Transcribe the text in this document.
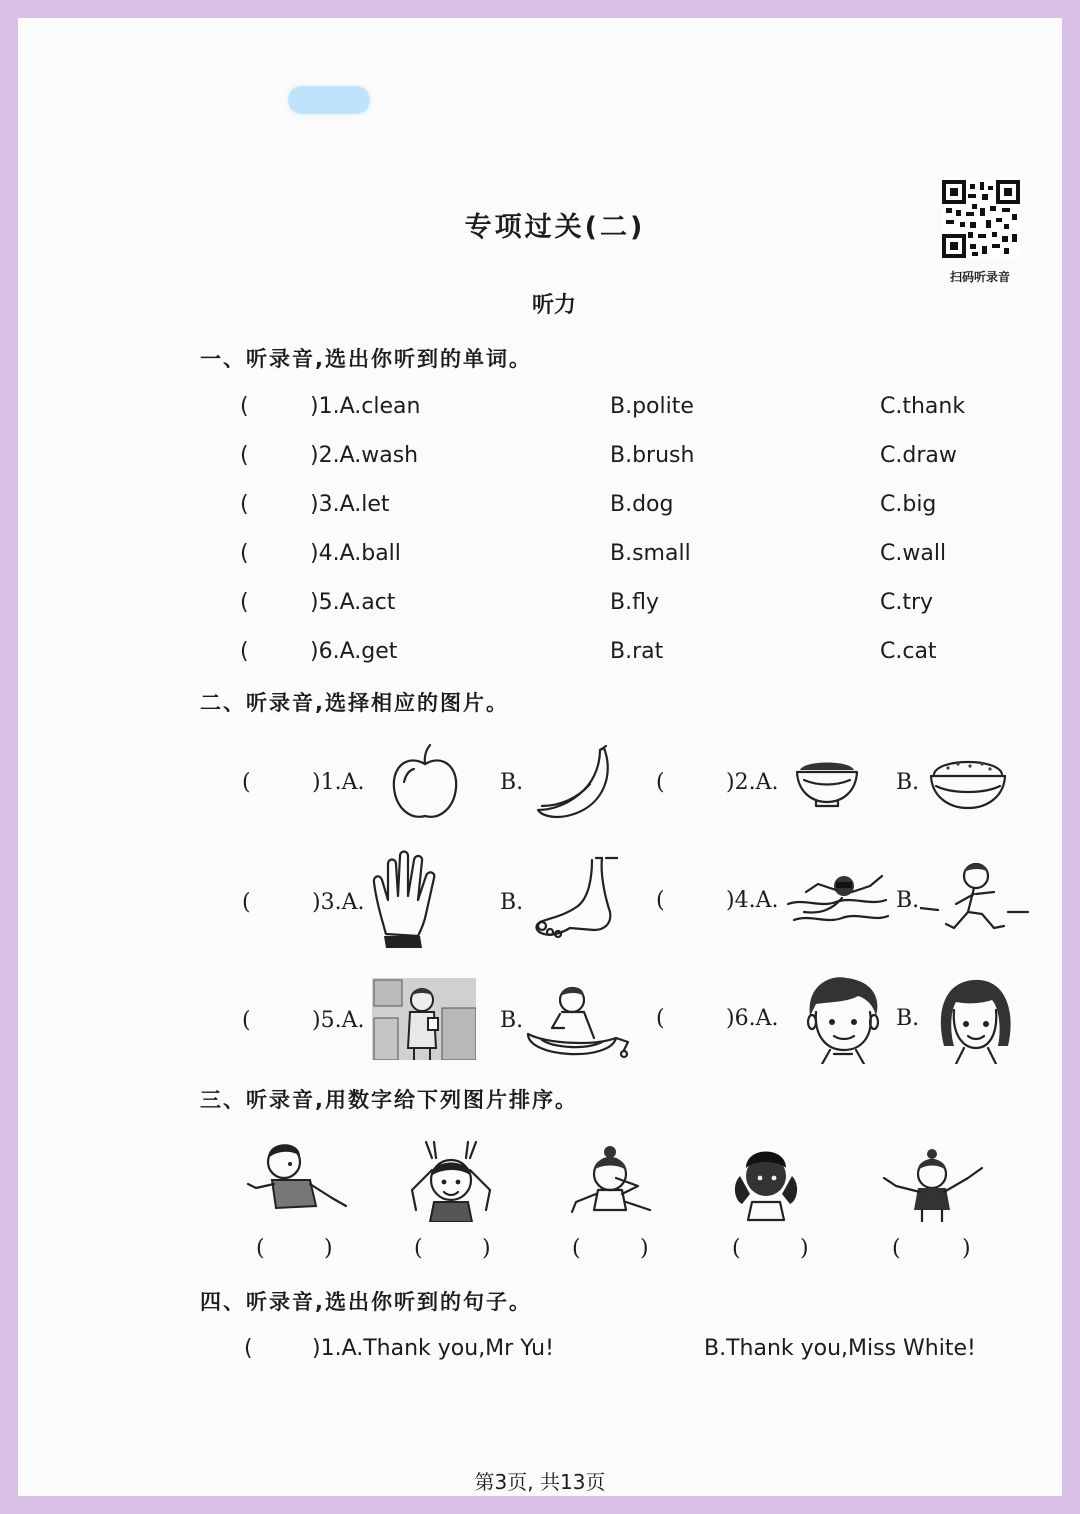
专项过关(二)
扫码听录音
听力
一、听录音,选出你听到的单词。
(	)1.A.clean	B.polite	C.thank
(	)2.A.wash	B.brush	C.draw
(	)3.A.let	B.dog	C.big
(	)4.A.ball	B.small	C.wall
(	)5.A.act	B.fly	C.try
(	)6.A.get	B.rat	C.cat
二、听录音,选择相应的图片。
(	)1.A.	B.	(	)2.A.	B.
(	)3.A.	B.	(	)4.A.	B.
(	)5.A.	B.	(	)6.A.	B.
三、听录音,用数字给下列图片排序。
(	)	(	)	(	)	(	)	(	)
四、听录音,选出你听到的句子。
(	)1.A.Thank you,Mr Yu!	B.Thank you,Miss White!
第3页, 共13页
